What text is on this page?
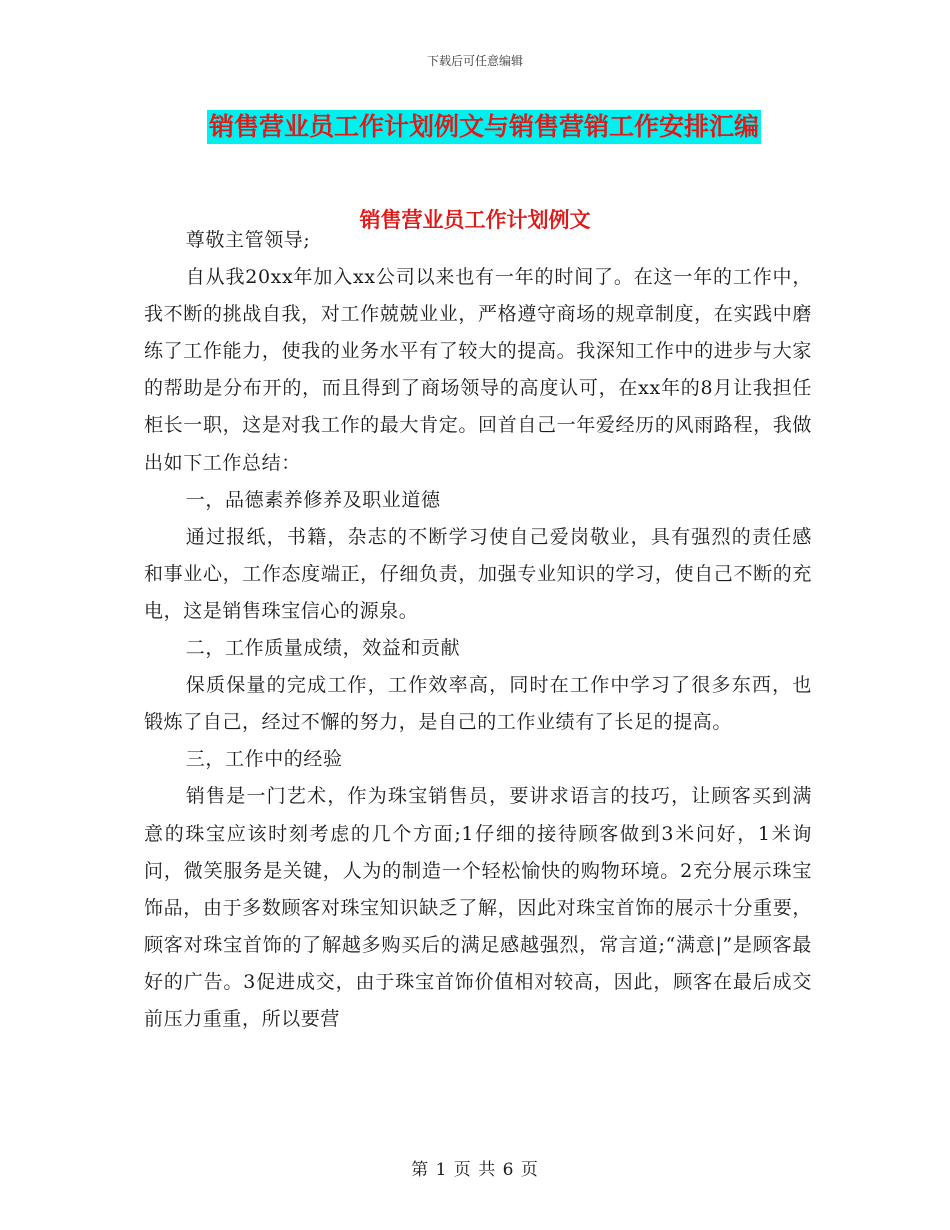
下载后可任意编辑
销售营业员工作计划例文与销售营销工作安排汇编
销售营业员工作计划例文

尊敬主管领导;

自从我20xx年加入xx公司以来也有一年的时间了。在这一年的工作中，我不断的挑战自我，对工作兢兢业业，严格遵守商场的规章制度，在实践中磨练了工作能力，使我的业务水平有了较大的提高。我深知工作中的进步与大家的帮助是分布开的，而且得到了商场领导的高度认可，在xx年的8月让我担任柜长一职，这是对我工作的最大肯定。回首自己一年爱经历的风雨路程，我做出如下工作总结：

一，品德素养修养及职业道德

通过报纸，书籍，杂志的不断学习使自己爱岗敬业，具有强烈的责任感和事业心，工作态度端正，仔细负责，加强专业知识的学习，使自己不断的充电，这是销售珠宝信心的源泉。

二，工作质量成绩，效益和贡献

保质保量的完成工作，工作效率高，同时在工作中学习了很多东西，也锻炼了自己，经过不懈的努力，是自己的工作业绩有了长足的提高。

三，工作中的经验

销售是一门艺术，作为珠宝销售员，要讲求语言的技巧，让顾客买到满意的珠宝应该时刻考虑的几个方面;1仔细的接待顾客做到3米问好，1米询问，微笑服务是关键，人为的制造一个轻松愉快的购物环境。2充分展示珠宝饰品，由于多数顾客对珠宝知识缺乏了解，因此对珠宝首饰的展示十分重要，顾客对珠宝首饰的了解越多购买后的满足感越强烈，常言道;“满意|”是顾客最好的广告。3促进成交，由于珠宝首饰价值相对较高，因此，顾客在最后成交前压力重重，所以要营

第 1 页 共 6 页
